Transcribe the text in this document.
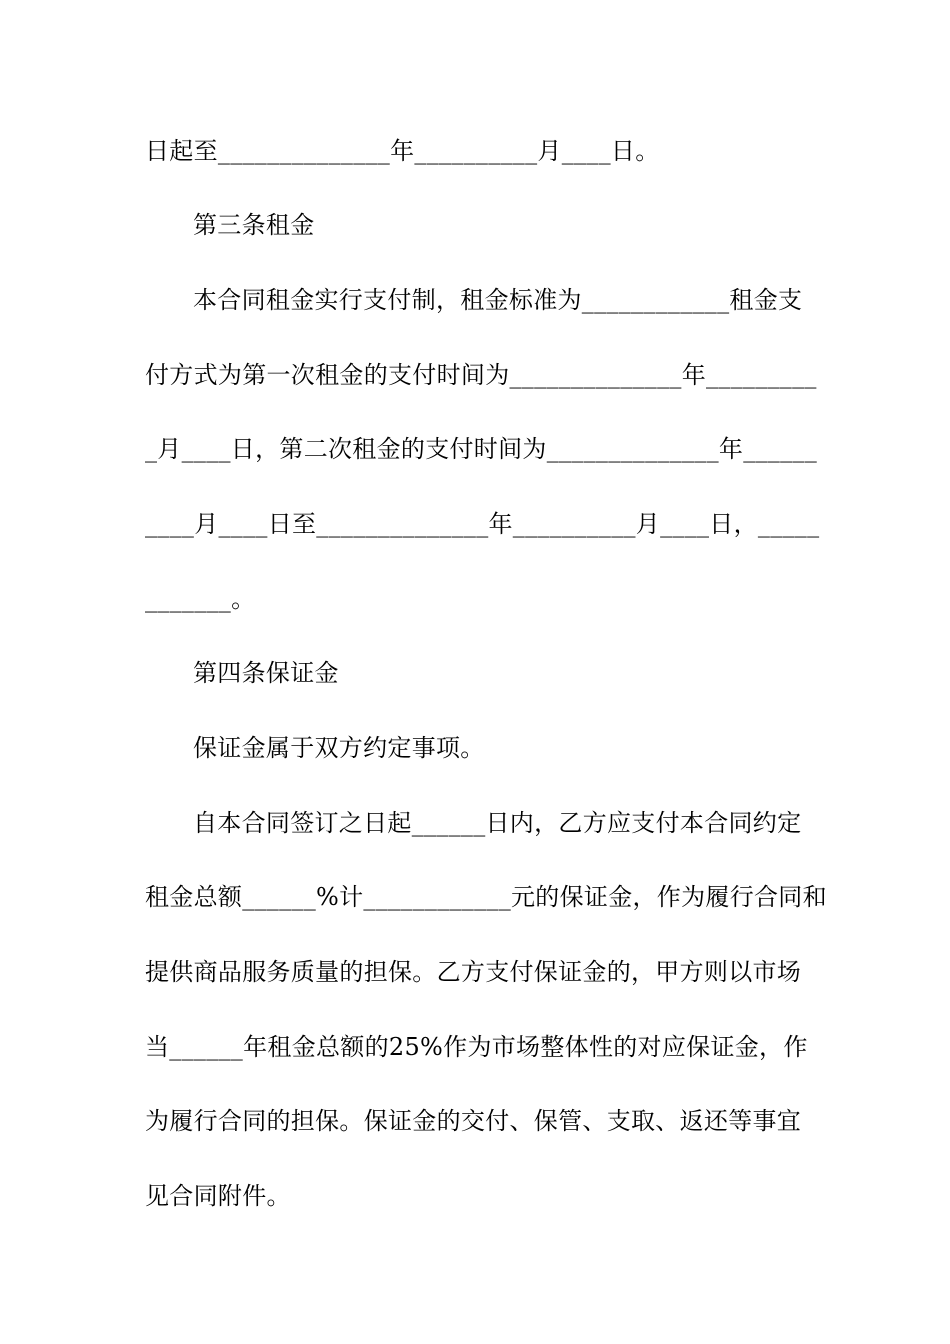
日起至______________年__________月____日。
第三条租金
本合同租金实行支付制，租金标准为____________租金支
付方式为第一次租金的支付时间为______________年_________
_月____日，第二次租金的支付时间为______________年______
____月____日至______________年__________月____日，_____
_______。
第四条保证金
保证金属于双方约定事项。
自本合同签订之日起______日内，乙方应支付本合同约定
租金总额______%计____________元的保证金，作为履行合同和
提供商品服务质量的担保。乙方支付保证金的，甲方则以市场
当______年租金总额的25%作为市场整体性的对应保证金，作
为履行合同的担保。保证金的交付、保管、支取、返还等事宜
见合同附件。
